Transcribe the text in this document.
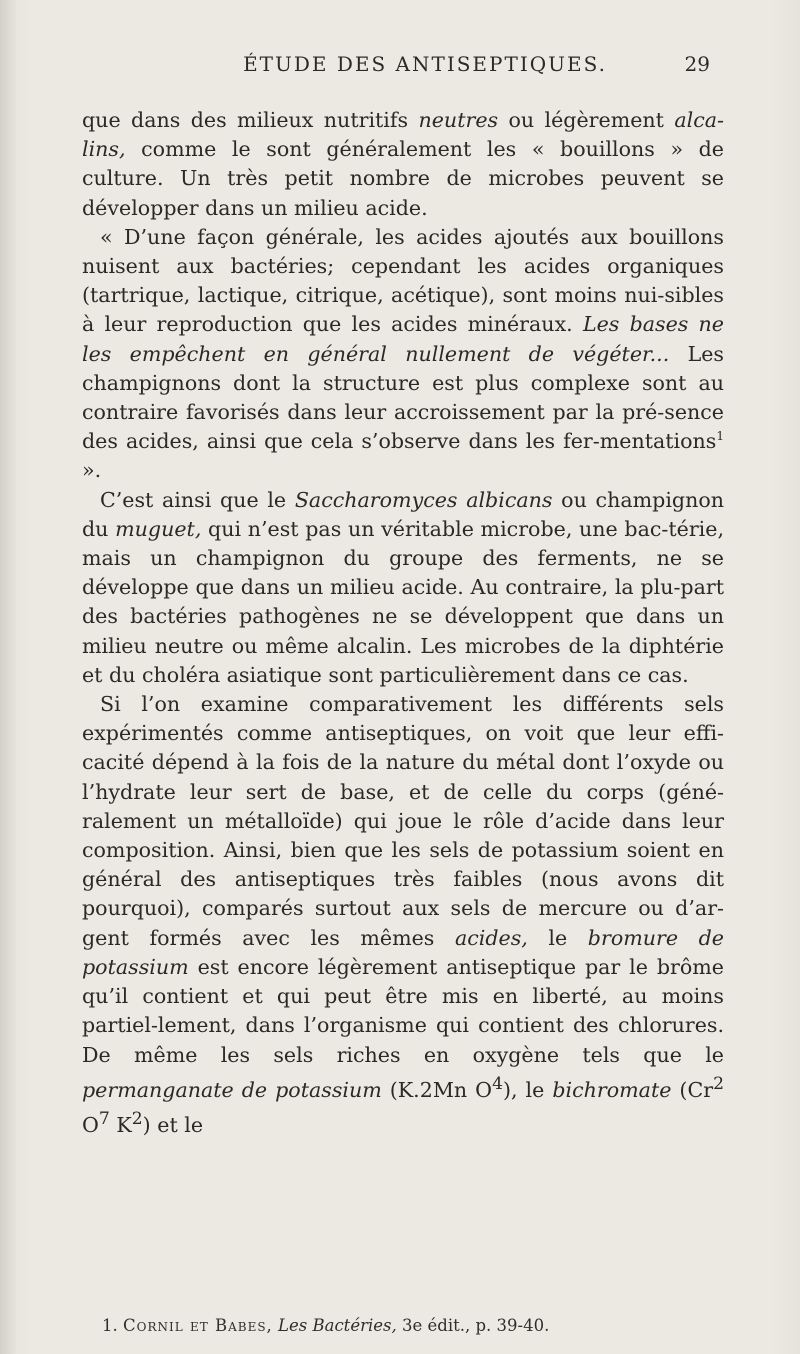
ÉTUDE DES ANTISEPTIQUES.	29

que dans des milieux nutritifs neutres ou légèrement alca-lins, comme le sont généralement les « bouillons » de culture. Un très petit nombre de microbes peuvent se développer dans un milieu acide.

« D’une façon générale, les acides ajoutés aux bouillons nuisent aux bactéries; cependant les acides organiques (tartrique, lactique, citrique, acétique), sont moins nui-sibles à leur reproduction que les acides minéraux. Les bases ne les empêchent en général nullement de végéter... Les champignons dont la structure est plus complexe sont au contraire favorisés dans leur accroissement par la pré-sence des acides, ainsi que cela s’observe dans les fer-mentations$^1$ ».

C’est ainsi que le Saccharomyces albicans ou champignon du muguet, qui n’est pas un véritable microbe, une bac-térie, mais un champignon du groupe des ferments, ne se développe que dans un milieu acide. Au contraire, la plu-part des bactéries pathogènes ne se développent que dans un milieu neutre ou même alcalin. Les microbes de la diphtérie et du choléra asiatique sont particulièrement dans ce cas.

Si l’on examine comparativement les différents sels expérimentés comme antiseptiques, on voit que leur effi-cacité dépend à la fois de la nature du métal dont l’oxyde ou l’hydrate leur sert de base, et de celle du corps (géné-ralement un métalloïde) qui joue le rôle d’acide dans leur composition. Ainsi, bien que les sels de potassium soient en général des antiseptiques très faibles (nous avons dit pourquoi), comparés surtout aux sels de mercure ou d’ar-gent formés avec les mêmes acides, le bromure de potassium est encore légèrement antiseptique par le brôme qu’il contient et qui peut être mis en liberté, au moins partiel-lement, dans l’organisme qui contient des chlorures. De même les sels riches en oxygène tels que le permanganate de potassium (K.2Mn $O^4$), le bichromate (Cr$^2$ $O^7$ $K^2$) et le

1. Cornil et Babes, Les Bactéries, 3e édit., p. 39-40.
